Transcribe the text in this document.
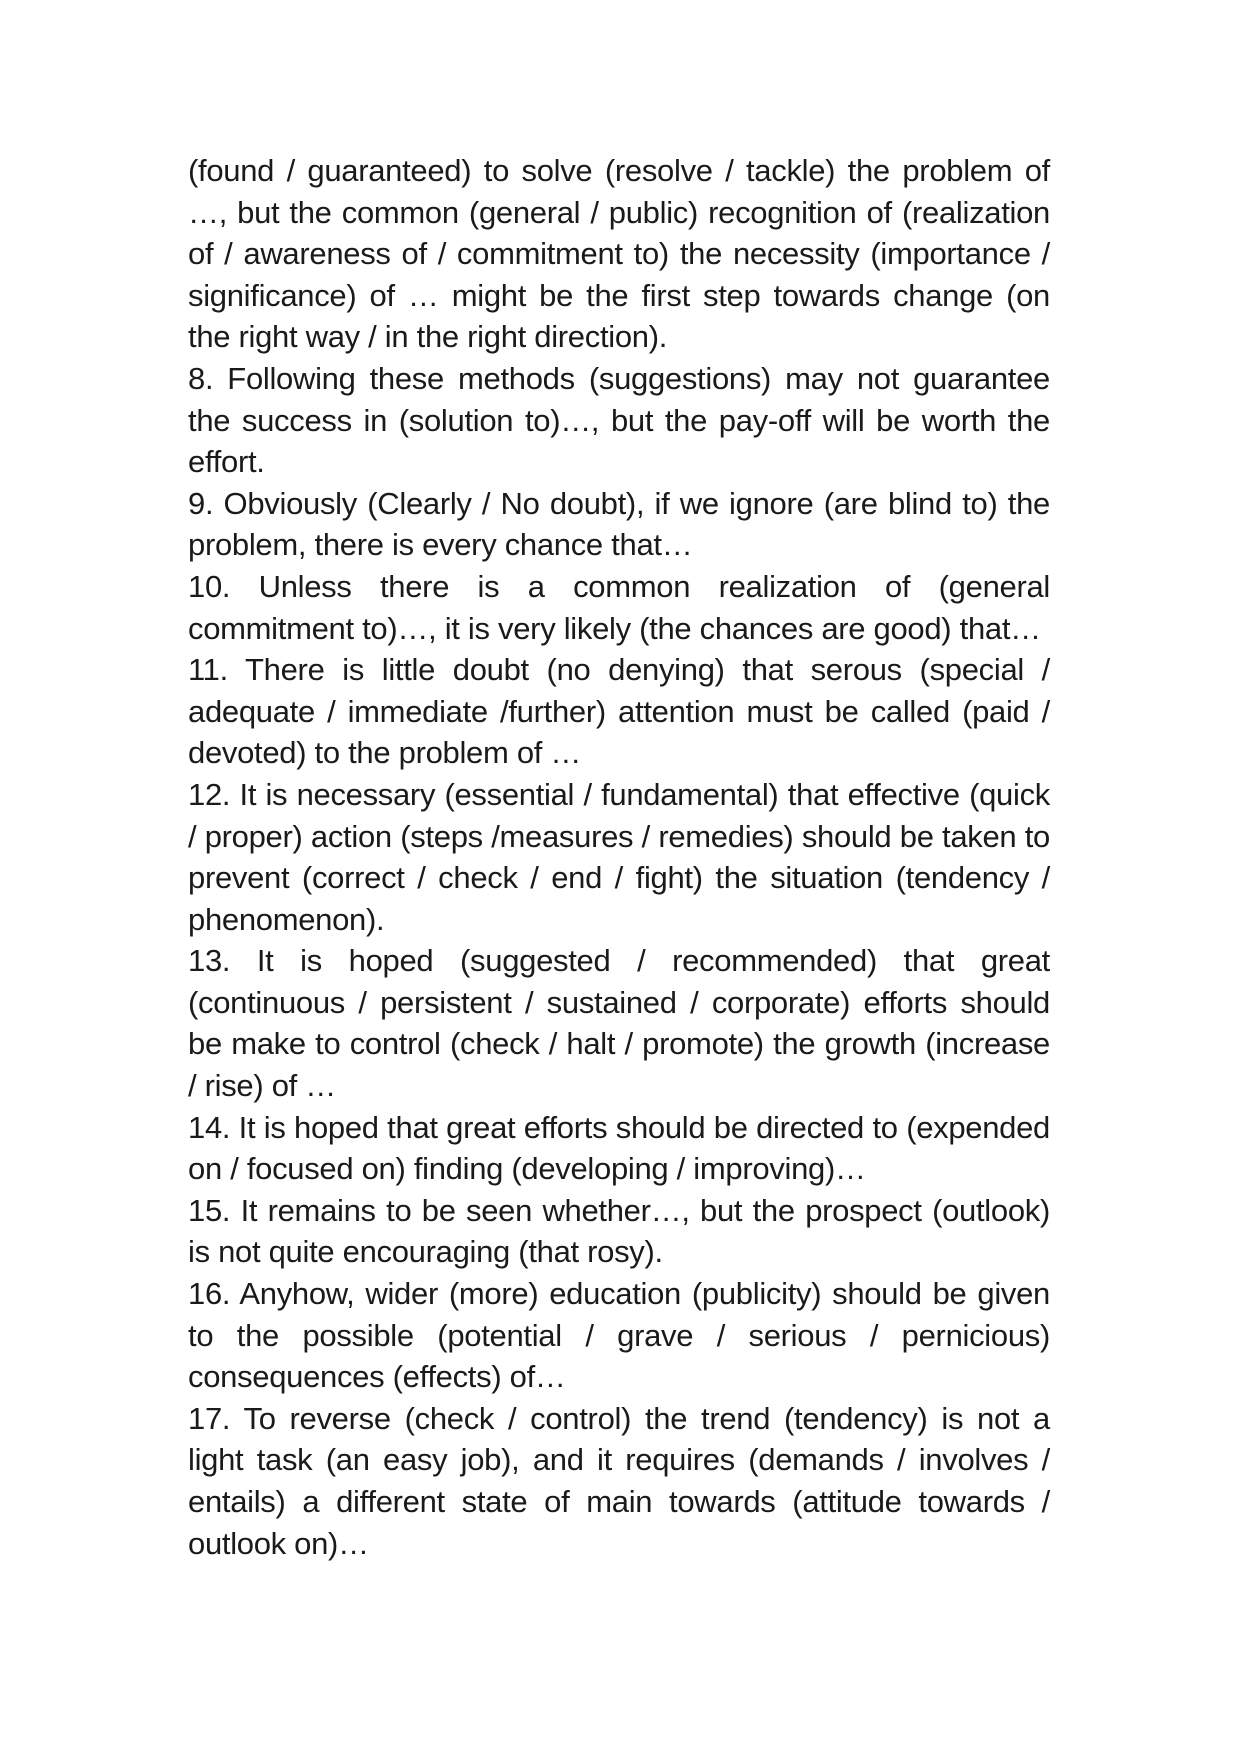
(found / guaranteed) to solve (resolve / tackle) the problem of …, but the common (general / public) recognition of (realization of / awareness of / commitment to) the necessity (importance / significance) of … might be the first step towards change (on the right way / in the right direction).

8. Following these methods (suggestions) may not guarantee the success in (solution to)…, but the pay-off will be worth the effort.

9. Obviously (Clearly / No doubt), if we ignore (are blind to) the problem, there is every chance that…

10. Unless there is a common realization of (general commitment to)…, it is very likely (the chances are good) that…

11. There is little doubt (no denying) that serous (special / adequate / immediate /further) attention must be called (paid / devoted) to the problem of …

12. It is necessary (essential / fundamental) that effective (quick / proper) action (steps /measures / remedies) should be taken to prevent (correct / check / end / fight) the situation (tendency / phenomenon).

13. It is hoped (suggested / recommended) that great (continuous / persistent / sustained / corporate) efforts should be make to control (check / halt / promote) the growth (increase / rise) of …

14. It is hoped that great efforts should be directed to (expended on / focused on) finding (developing / improving)…

15. It remains to be seen whether…, but the prospect (outlook) is not quite encouraging (that rosy).

16. Anyhow, wider (more) education (publicity) should be given to the possible (potential / grave / serious / pernicious) consequences (effects) of…

17. To reverse (check / control) the trend (tendency) is not a light task (an easy job), and it requires (demands / involves / entails) a different state of main towards (attitude towards / outlook on)…
